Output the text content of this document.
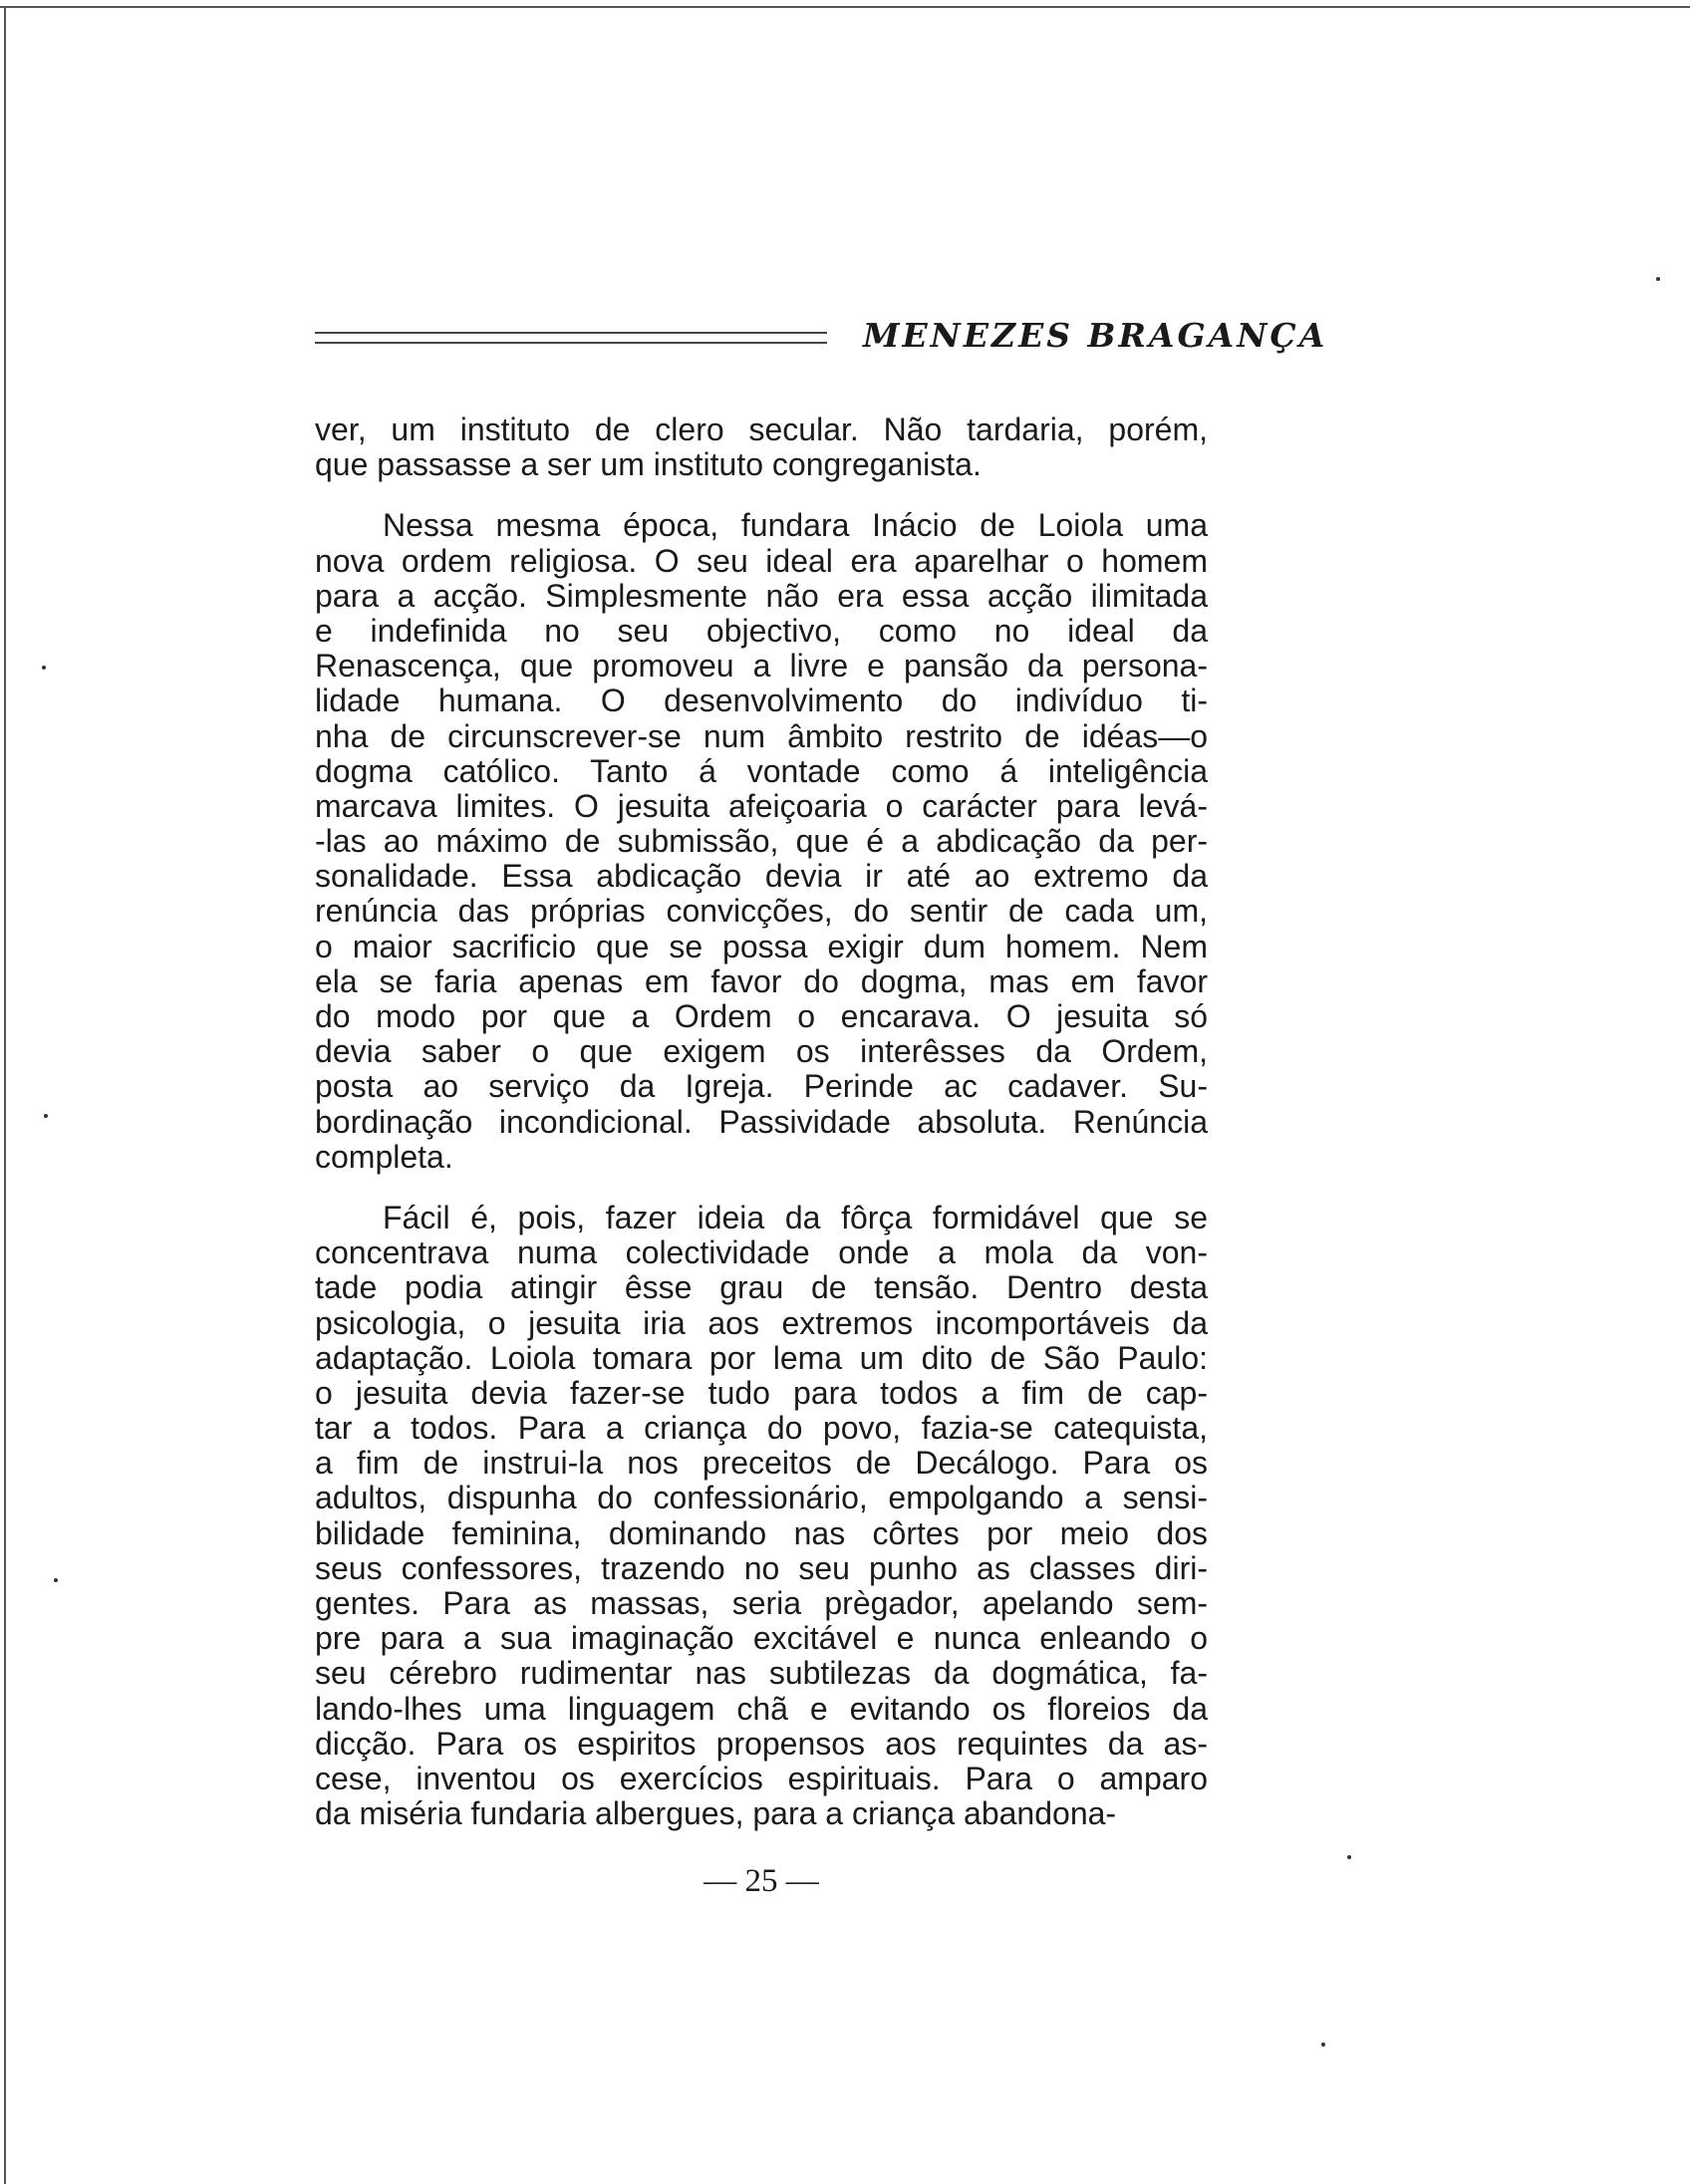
MENEZES BRAGANÇA
ver, um instituto de clero secular. Não tardaria, porém,
que passasse a ser um instituto congreganista.
Nessa mesma época, fundara Inácio de Loiola uma
nova ordem religiosa. O seu ideal era aparelhar o homem
para a acção. Simplesmente não era essa acção ilimitada
e indefinida no seu objectivo, como no ideal da
Renascença, que promoveu a livre e pansão da persona-
lidade humana. O desenvolvimento do indivíduo ti-
nha de circunscrever-se num âmbito restrito de idéas—o
dogma católico. Tanto á vontade como á inteligência
marcava limites. O jesuita afeiçoaria o carácter para levá-
-las ao máximo de submissão, que é a abdicação da per-
sonalidade. Essa abdicação devia ir até ao extremo da
renúncia das próprias convicções, do sentir de cada um,
o maior sacrificio que se possa exigir dum homem. Nem
ela se faria apenas em favor do dogma, mas em favor
do modo por que a Ordem o encarava. O jesuita só
devia saber o que exigem os interêsses da Ordem,
posta ao serviço da Igreja. Perinde ac cadaver. Su-
bordinação incondicional. Passividade absoluta. Renúncia
completa.
Fácil é, pois, fazer ideia da fôrça formidável que se
concentrava numa colectividade onde a mola da von-
tade podia atingir êsse grau de tensão. Dentro desta
psicologia, o jesuita iria aos extremos incomportáveis da
adaptação. Loiola tomara por lema um dito de São Paulo:
o jesuita devia fazer-se tudo para todos a fim de cap-
tar a todos. Para a criança do povo, fazia-se catequista,
a fim de instrui-la nos preceitos de Decálogo. Para os
adultos, dispunha do confessionário, empolgando a sensi-
bilidade feminina, dominando nas côrtes por meio dos
seus confessores, trazendo no seu punho as classes diri-
gentes. Para as massas, seria prègador, apelando sem-
pre para a sua imaginação excitável e nunca enleando o
seu cérebro rudimentar nas subtilezas da dogmática, fa-
lando-lhes uma linguagem chã e evitando os floreios da
dicção. Para os espiritos propensos aos requintes da as-
cese, inventou os exercícios espirituais. Para o amparo
da miséria fundaria albergues, para a criança abandona-
— 25 —
